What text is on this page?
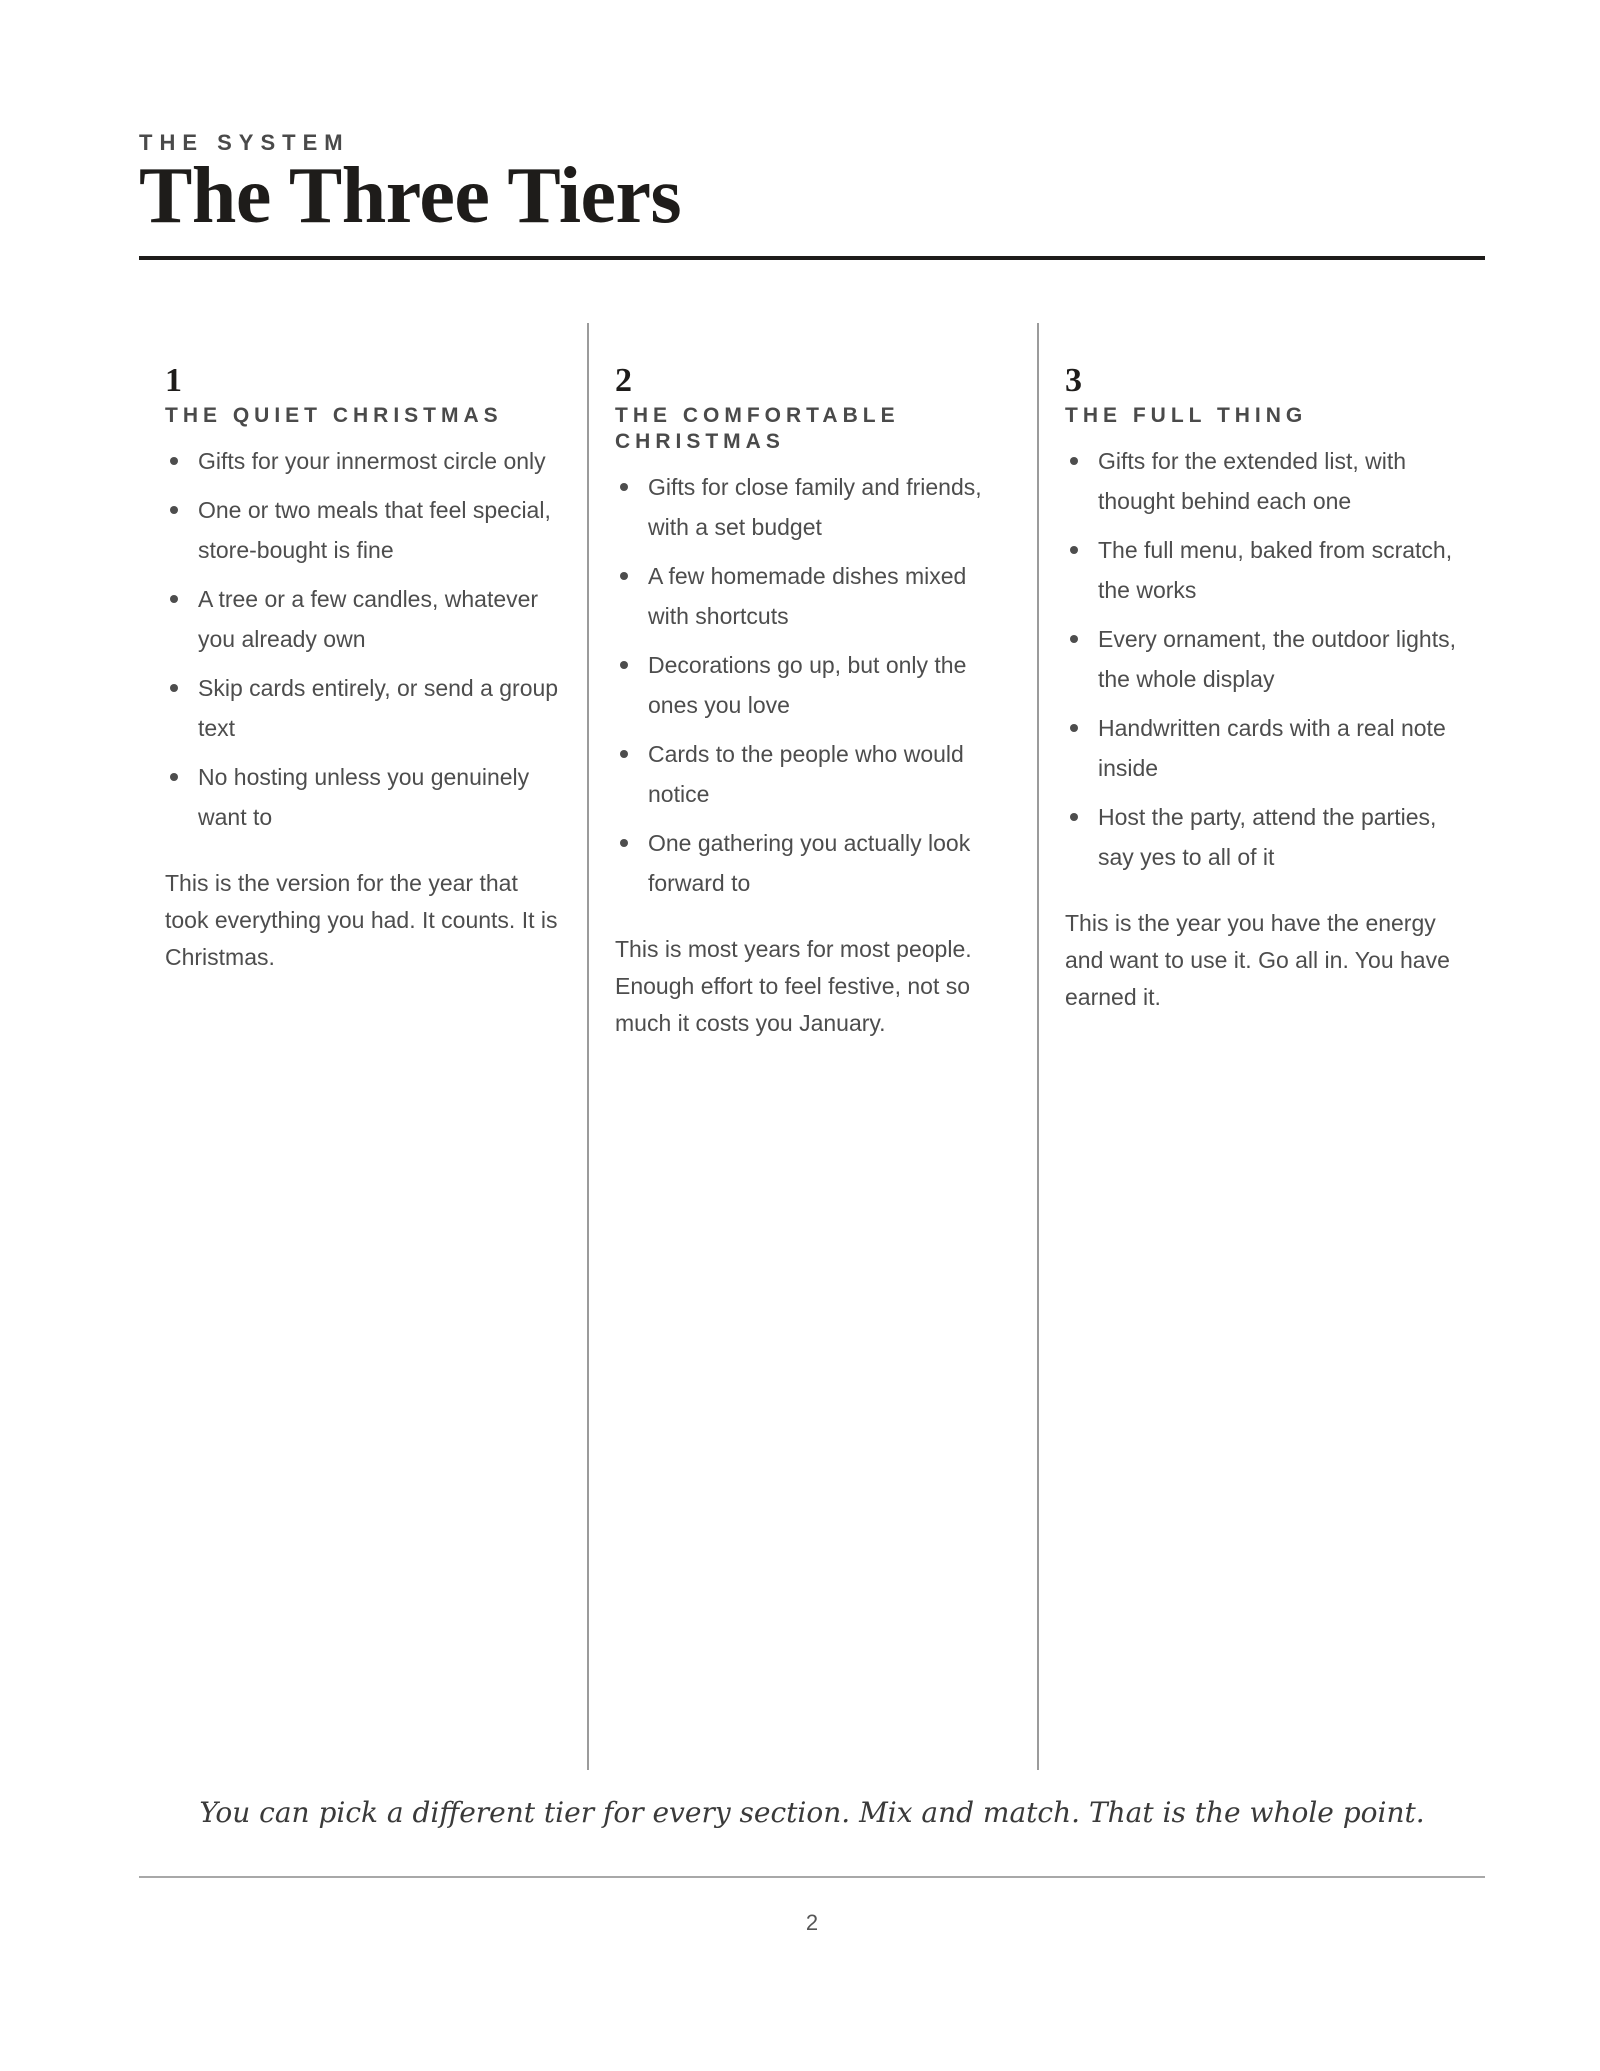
THE SYSTEM
The Three Tiers
1
THE QUIET CHRISTMAS
Gifts for your innermost circle only
One or two meals that feel special, store-bought is fine
A tree or a few candles, whatever you already own
Skip cards entirely, or send a group text
No hosting unless you genuinely want to
This is the version for the year that took everything you had. It counts. It is Christmas.
2
THE COMFORTABLE CHRISTMAS
Gifts for close family and friends, with a set budget
A few homemade dishes mixed with shortcuts
Decorations go up, but only the ones you love
Cards to the people who would notice
One gathering you actually look forward to
This is most years for most people. Enough effort to feel festive, not so much it costs you January.
3
THE FULL THING
Gifts for the extended list, with thought behind each one
The full menu, baked from scratch, the works
Every ornament, the outdoor lights, the whole display
Handwritten cards with a real note inside
Host the party, attend the parties, say yes to all of it
This is the year you have the energy and want to use it. Go all in. You have earned it.
You can pick a different tier for every section. Mix and match. That is the whole point.
2
